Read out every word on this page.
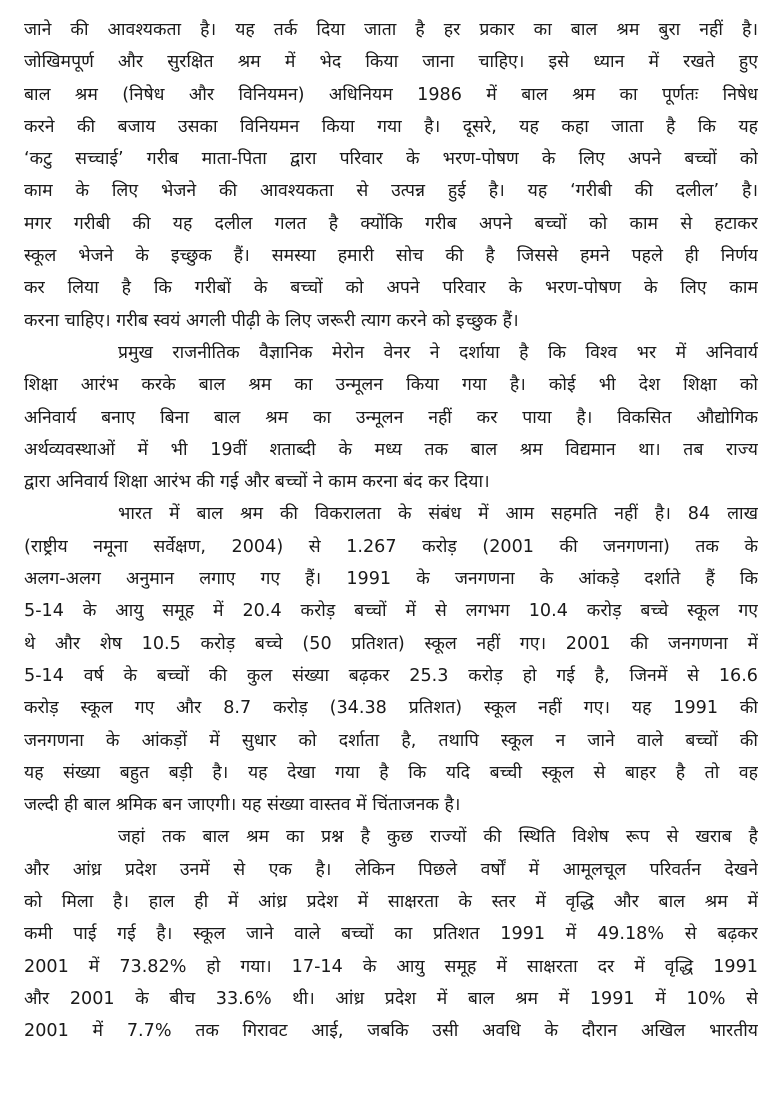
जाने की आवश्यकता है। यह तर्क दिया जाता है हर प्रकार का बाल श्रम बुरा नहीं है।
जोखिमपूर्ण और सुरक्षित श्रम में भेद किया जाना चाहिए। इसे ध्यान में रखते हुए
बाल श्रम (निषेध और विनियमन) अधिनियम 1986 में बाल श्रम का पूर्णतः निषेध
करने की बजाय उसका विनियमन किया गया है। दूसरे, यह कहा जाता है कि यह
‘कटु सच्चाई’ गरीब माता-पिता द्वारा परिवार के भरण-पोषण के लिए अपने बच्चों को
काम के लिए भेजने की आवश्यकता से उत्पन्न हुई है। यह ‘गरीबी की दलील’ है।
मगर गरीबी की यह दलील गलत है क्योंकि गरीब अपने बच्चों को काम से हटाकर
स्कूल भेजने के इच्छुक हैं। समस्या हमारी सोच की है जिससे हमने पहले ही निर्णय
कर लिया है कि गरीबों के बच्चों को अपने परिवार के भरण-पोषण के लिए काम
करना चाहिए। गरीब स्वयं अगली पीढ़ी के लिए जरूरी त्याग करने को इच्छुक हैं।
प्रमुख राजनीतिक वैज्ञानिक मेरोन वेनर ने दर्शाया है कि विश्व भर में अनिवार्य
शिक्षा आरंभ करके बाल श्रम का उन्मूलन किया गया है। कोई भी देश शिक्षा को
अनिवार्य बनाए बिना बाल श्रम का उन्मूलन नहीं कर पाया है। विकसित औद्योगिक
अर्थव्यवस्थाओं में भी 19वीं शताब्दी के मध्य तक बाल श्रम विद्यमान था। तब राज्य
द्वारा अनिवार्य शिक्षा आरंभ की गई और बच्चों ने काम करना बंद कर दिया।
भारत में बाल श्रम की विकरालता के संबंध में आम सहमति नहीं है। 84 लाख
(राष्ट्रीय नमूना सर्वेक्षण, 2004) से 1.267 करोड़ (2001 की जनगणना) तक के
अलग-अलग अनुमान लगाए गए हैं। 1991 के जनगणना के आंकड़े दर्शाते हैं कि
5-14 के आयु समूह में 20.4 करोड़ बच्चों में से लगभग 10.4 करोड़ बच्चे स्कूल गए
थे और शेष 10.5 करोड़ बच्चे (50 प्रतिशत) स्कूल नहीं गए। 2001 की जनगणना में
5-14 वर्ष के बच्चों की कुल संख्या बढ़कर 25.3 करोड़ हो गई है, जिनमें से 16.6
करोड़ स्कूल गए और 8.7 करोड़ (34.38 प्रतिशत) स्कूल नहीं गए। यह 1991 की
जनगणना के आंकड़ों में सुधार को दर्शाता है, तथापि स्कूल न जाने वाले बच्चों की
यह संख्या बहुत बड़ी है। यह देखा गया है कि यदि बच्ची स्कूल से बाहर है तो वह
जल्दी ही बाल श्रमिक बन जाएगी। यह संख्या वास्तव में चिंताजनक है।
जहां तक बाल श्रम का प्रश्न है कुछ राज्यों की स्थिति विशेष रूप से खराब है
और आंध्र प्रदेश उनमें से एक है। लेकिन पिछले वर्षों में आमूलचूल परिवर्तन देखने
को मिला है। हाल ही में आंध्र प्रदेश में साक्षरता के स्तर में वृद्धि और बाल श्रम में
कमी पाई गई है। स्कूल जाने वाले बच्चों का प्रतिशत 1991 में 49.18% से बढ़कर
2001 में 73.82% हो गया। 17-14 के आयु समूह में साक्षरता दर में वृद्धि 1991
और 2001 के बीच 33.6% थी। आंध्र प्रदेश में बाल श्रम में 1991 में 10% से
2001 में 7.7% तक गिरावट आई, जबकि उसी अवधि के दौरान अखिल भारतीय
